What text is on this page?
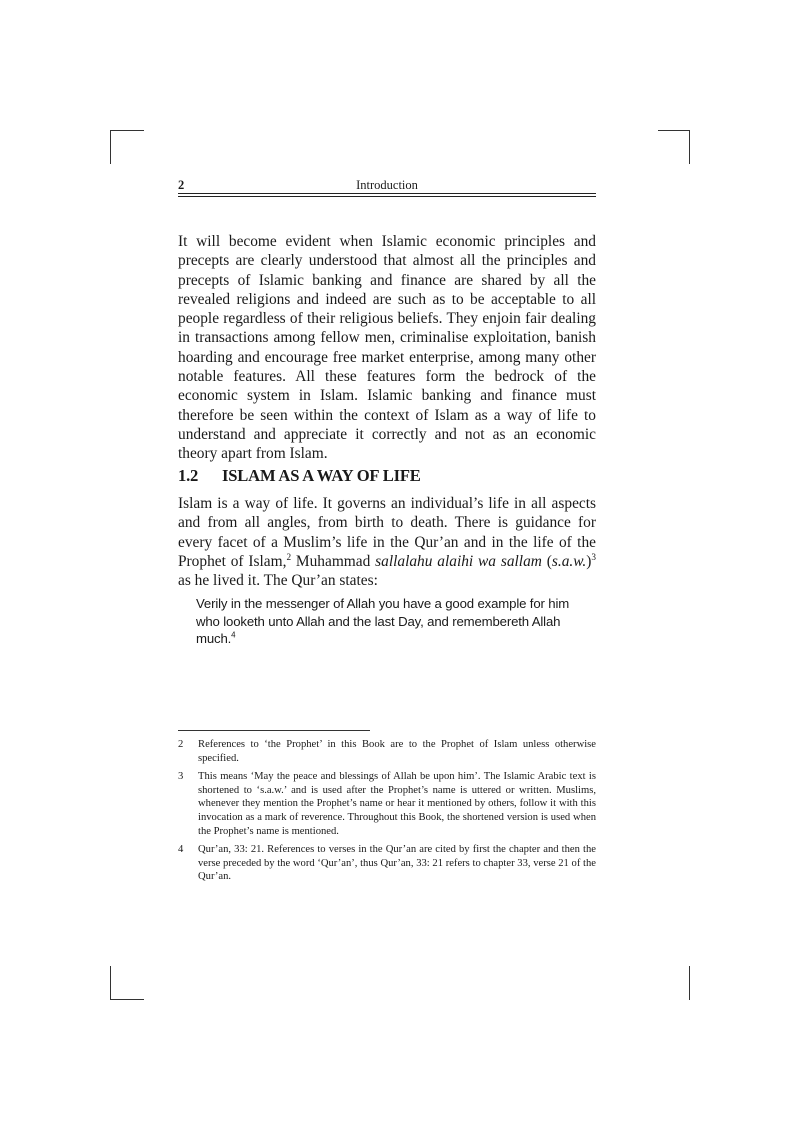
2	Introduction

It will become evident when Islamic economic principles and precepts are clearly understood that almost all the principles and precepts of Islamic banking and finance are shared by all the revealed religions and indeed are such as to be acceptable to all people regardless of their religious beliefs. They enjoin fair dealing in transactions among fellow men, criminalise exploitation, banish hoarding and encourage free market enterprise, among many other notable features. All these features form the bedrock of the economic system in Islam. Islamic banking and finance must therefore be seen within the context of Islam as a way of life to understand and appreciate it correctly and not as an economic theory apart from Islam.

1.2 ISLAM AS A WAY OF LIFE

Islam is a way of life. It governs an individual’s life in all aspects and from all angles, from birth to death. There is guidance for every facet of a Muslim’s life in the Qur’an and in the life of the Prophet of Islam,$^2$ Muhammad sallalahu alaihi wa sallam $(s.a.w.)^3$ as he lived it. The Qur’an states:

Verily in the messenger of Allah you have a good example for him who looketh unto Allah and the last Day, and remembereth Allah much.$^4$

2	References to ‘the Prophet’ in this Book are to the Prophet of Islam unless otherwise specified.
3	This means ‘May the peace and blessings of Allah be upon him’. The Islamic Arabic text is shortened to ‘s.a.w.’ and is used after the Prophet’s name is uttered or written. Muslims, whenever they mention the Prophet’s name or hear it mentioned by others, follow it with this invocation as a mark of reverence. Throughout this Book, the shortened version is used when the Prophet’s name is mentioned.
4	Qur’an, 33: 21. References to verses in the Qur’an are cited by first the chapter and then the verse preceded by the word ‘Qur’an’, thus Qur’an, 33: 21 refers to chapter 33, verse 21 of the Qur’an.
